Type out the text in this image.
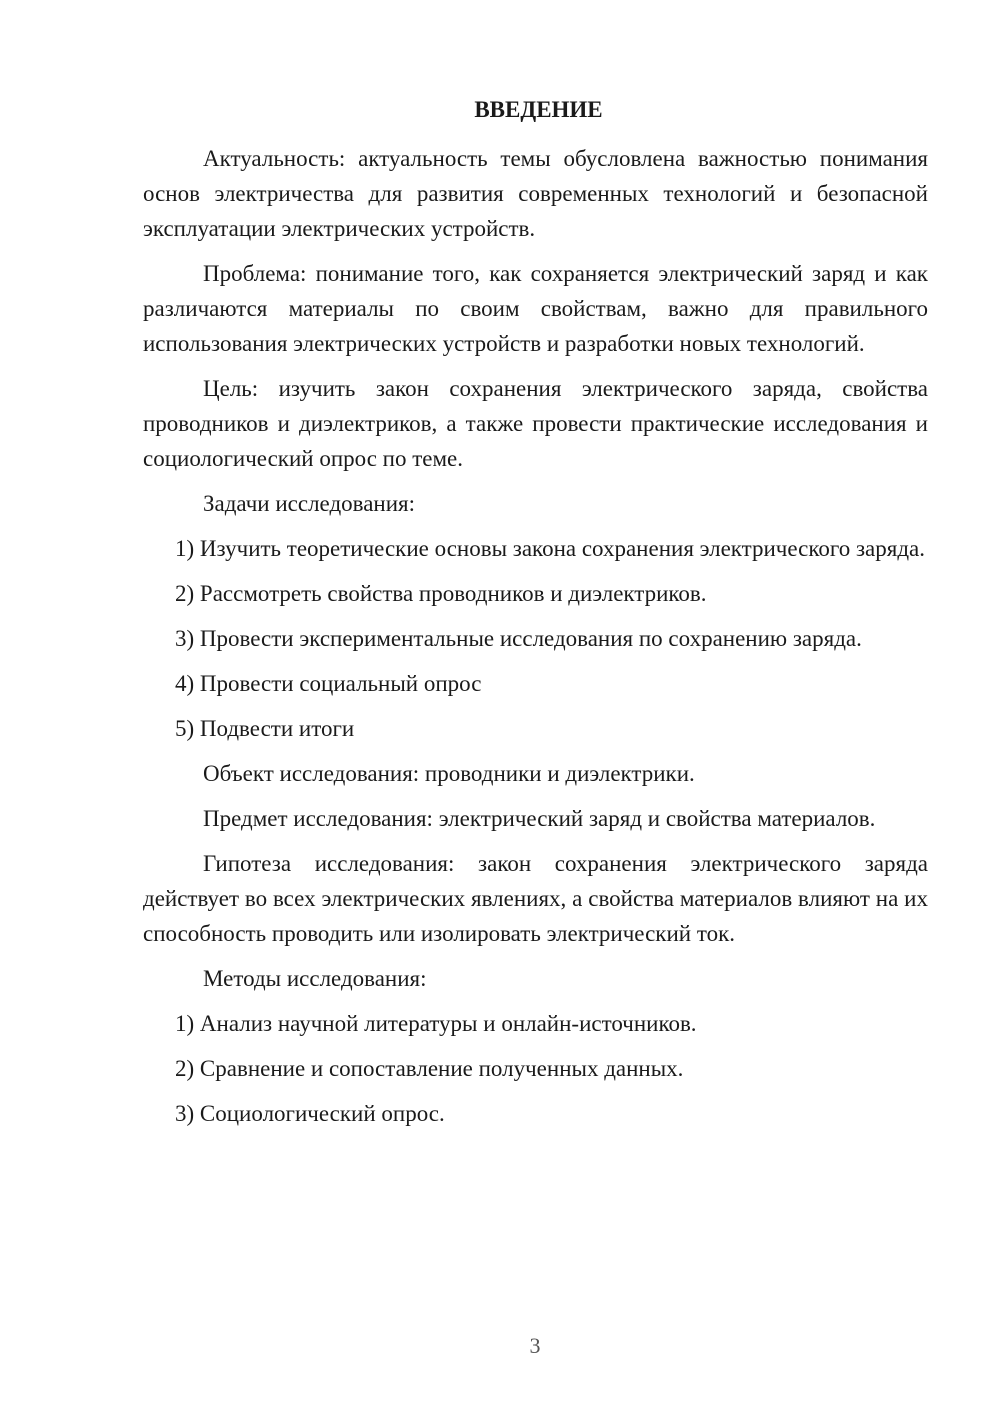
ВВЕДЕНИЕ

Актуальность: актуальность темы обусловлена важностью понимания основ электричества для развития современных технологий и безопасной эксплуатации электрических устройств.

Проблема: понимание того, как сохраняется электрический заряд и как различаются материалы по своим свойствам, важно для правильного использования электрических устройств и разработки новых технологий.

Цель: изучить закон сохранения электрического заряда, свойства проводников и диэлектриков, а также провести практические исследования и социологический опрос по теме.

Задачи исследования:

1) Изучить теоретические основы закона сохранения электрического заряда.

2) Рассмотреть свойства проводников и диэлектриков.

3) Провести экспериментальные исследования по сохранению заряда.

4) Провести социальный опрос

5) Подвести итоги

Объект исследования: проводники и диэлектрики.

Предмет исследования: электрический заряд и свойства материалов.

Гипотеза исследования: закон сохранения электрического заряда действует во всех электрических явлениях, а свойства материалов влияют на их способность проводить или изолировать электрический ток.

Методы исследования:

1) Анализ научной литературы и онлайн-источников.

2) Сравнение и сопоставление полученных данных.

3) Социологический опрос.

3
